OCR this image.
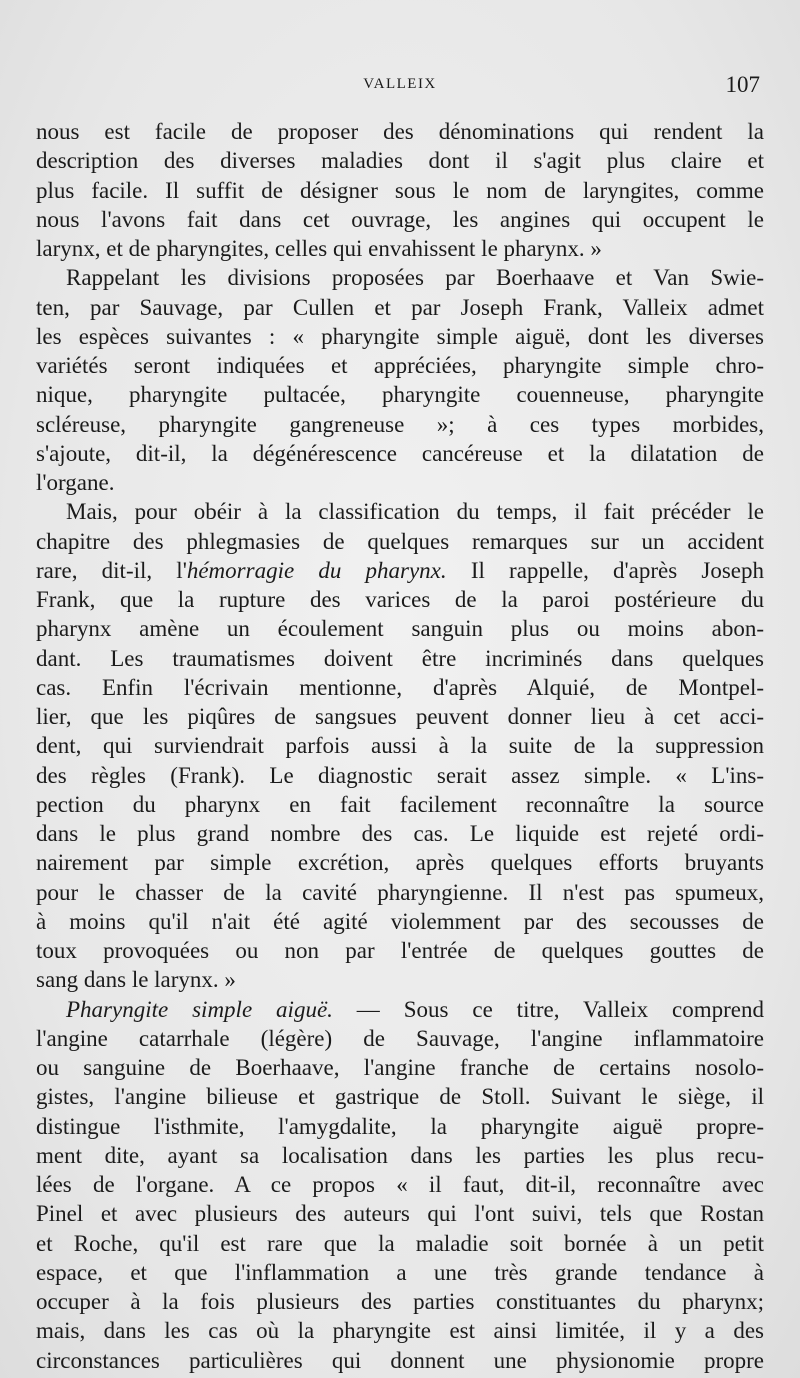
VALLEIX	107
nous est facile de proposer des dénominations qui rendent la
description des diverses maladies dont il s'agit plus claire et
plus facile. Il suffit de désigner sous le nom de laryngites, comme
nous l'avons fait dans cet ouvrage, les angines qui occupent le
larynx, et de pharyngites, celles qui envahissent le pharynx. »
Rappelant les divisions proposées par Boerhaave et Van Swie-
ten, par Sauvage, par Cullen et par Joseph Frank, Valleix admet
les espèces suivantes : « pharyngite simple aiguë, dont les diverses
variétés seront indiquées et appréciées, pharyngite simple chro-
nique, pharyngite pultacée, pharyngite couenneuse, pharyngite
scléreuse, pharyngite gangreneuse »; à ces types morbides,
s'ajoute, dit-il, la dégénérescence cancéreuse et la dilatation de
l'organe.
Mais, pour obéir à la classification du temps, il fait précéder le
chapitre des phlegmasies de quelques remarques sur un accident
rare, dit-il, l'hémorragie du pharynx. Il rappelle, d'après Joseph
Frank, que la rupture des varices de la paroi postérieure du
pharynx amène un écoulement sanguin plus ou moins abon-
dant. Les traumatismes doivent être incriminés dans quelques
cas. Enfin l'écrivain mentionne, d'après Alquié, de Montpel-
lier, que les piqûres de sangsues peuvent donner lieu à cet acci-
dent, qui surviendrait parfois aussi à la suite de la suppression
des règles (Frank). Le diagnostic serait assez simple. « L'ins-
pection du pharynx en fait facilement reconnaître la source
dans le plus grand nombre des cas. Le liquide est rejeté ordi-
nairement par simple excrétion, après quelques efforts bruyants
pour le chasser de la cavité pharyngienne. Il n'est pas spumeux,
à moins qu'il n'ait été agité violemment par des secousses de
toux provoquées ou non par l'entrée de quelques gouttes de
sang dans le larynx. »
Pharyngite simple aiguë. — Sous ce titre, Valleix comprend
l'angine catarrhale (légère) de Sauvage, l'angine inflammatoire
ou sanguine de Boerhaave, l'angine franche de certains nosolo-
gistes, l'angine bilieuse et gastrique de Stoll. Suivant le siège, il
distingue l'isthmite, l'amygdalite, la pharyngite aiguë propre-
ment dite, ayant sa localisation dans les parties les plus recu-
lées de l'organe. A ce propos « il faut, dit-il, reconnaître avec
Pinel et avec plusieurs des auteurs qui l'ont suivi, tels que Rostan
et Roche, qu'il est rare que la maladie soit bornée à un petit
espace, et que l'inflammation a une très grande tendance à
occuper à la fois plusieurs des parties constituantes du pharynx;
mais, dans les cas où la pharyngite est ainsi limitée, il y a des
circonstances particulières qui donnent une physionomie propre
